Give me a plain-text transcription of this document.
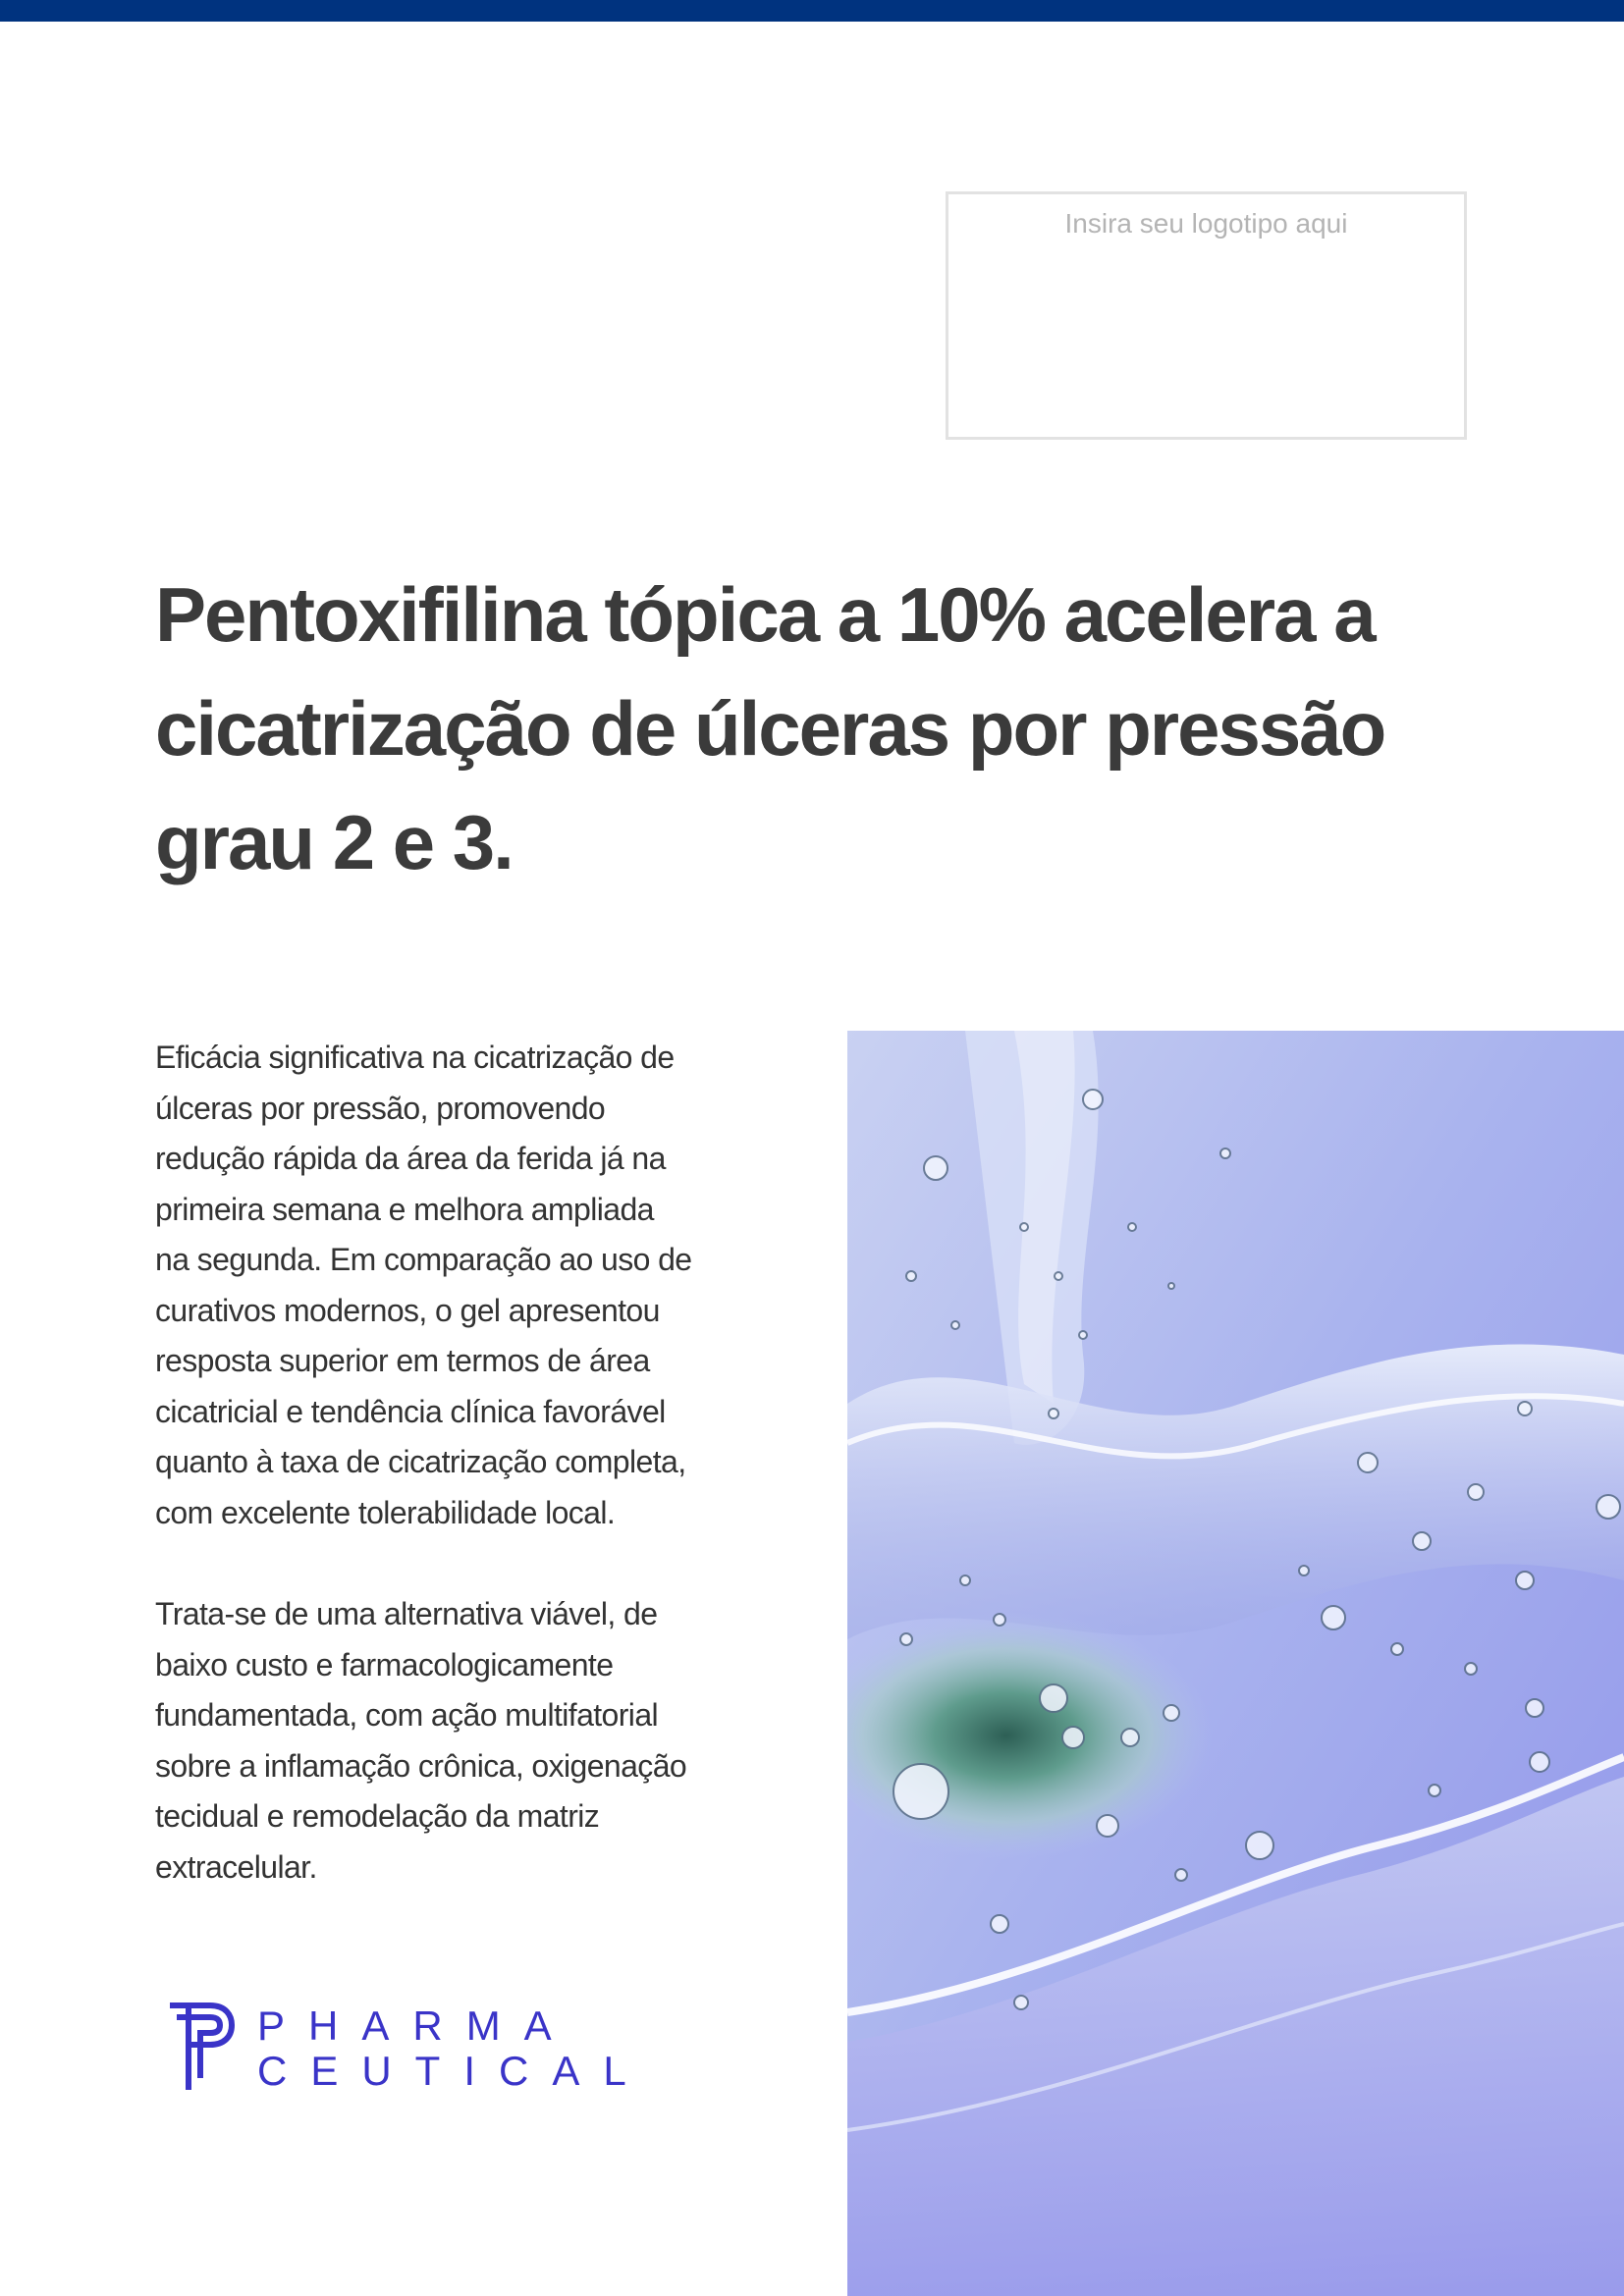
Insira seu logotipo aqui
Pentoxifilina tópica a 10% acelera a
cicatrização de úlceras por pressão
grau 2 e 3.

Eficácia significativa na cicatrização de
úlceras por pressão, promovendo
redução rápida da área da ferida já na
primeira semana e melhora ampliada
na segunda. Em comparação ao uso de
curativos modernos, o gel apresentou
resposta superior em termos de área
cicatricial e tendência clínica favorável
quanto à taxa de cicatrização completa,
com excelente tolerabilidade local.

Trata-se de uma alternativa viável, de
baixo custo e farmacologicamente
fundamentada, com ação multifatorial
sobre a inflamação crônica, oxigenação
tecidual e remodelação da matriz
extracelular.

PHARMA
CEUTICAL
